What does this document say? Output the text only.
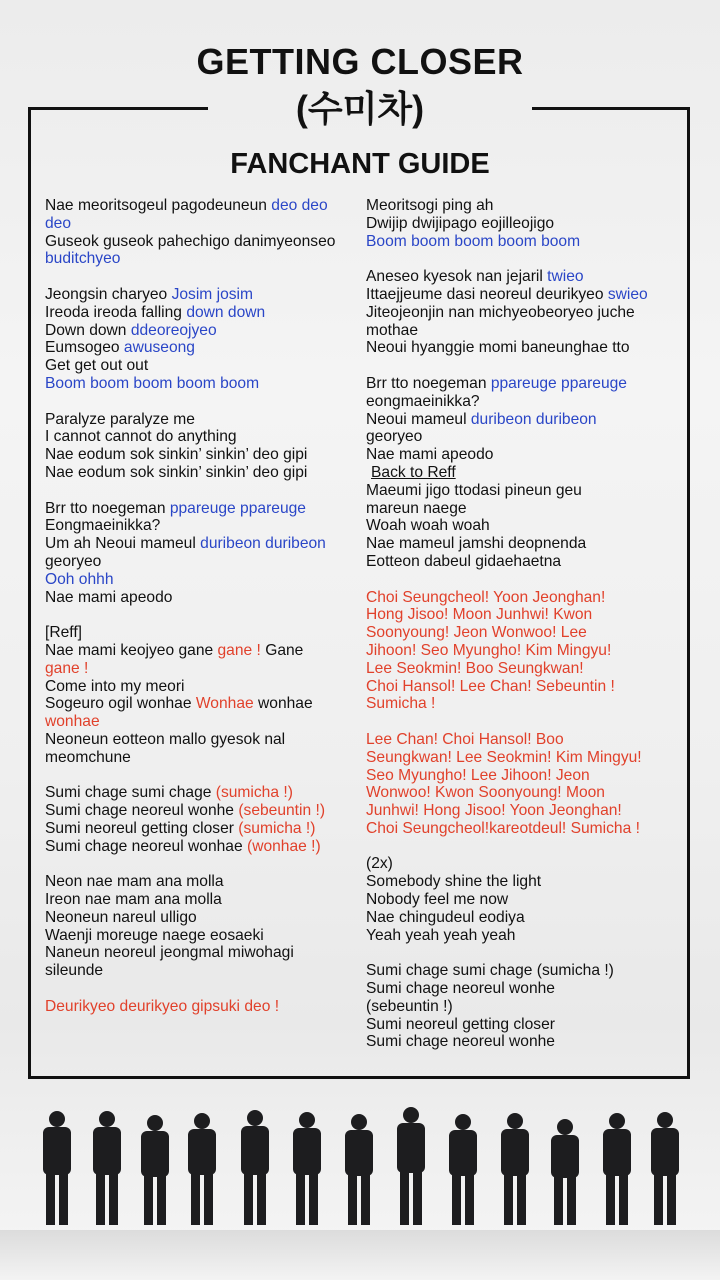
GETTING CLOSER
(수미차)
FANCHANT GUIDE
Nae meoritsogeul pagodeuneun deo deo
deo
Guseok guseok pahechigo danimyeonseo
buditchyeo
Jeongsin charyeo Josim josim
Ireoda ireoda falling down down
Down down ddeoreojyeo
Eumsogeo awuseong
Get get out out
Boom boom boom boom boom
Paralyze paralyze me
I cannot cannot do anything
Nae eodum sok sinkin’ sinkin’ deo gipi
Nae eodum sok sinkin’ sinkin’ deo gipi
Brr tto noegeman ppareuge ppareuge
Eongmaeinikka?
Um ah Neoui mameul duribeon duribeon
georyeo
Ooh ohhh
Nae mami apeodo
[Reff]
Nae mami keojyeo gane gane ! Gane
gane !
Come into my meori
Sogeuro ogil wonhae Wonhae wonhae
wonhae
Neoneun eotteon mallo gyesok nal
meomchune
Sumi chage sumi chage (sumicha !)
Sumi chage neoreul wonhe (sebeuntin !)
Sumi neoreul getting closer (sumicha !)
Sumi chage neoreul wonhae (wonhae !)
Neon nae mam ana molla
Ireon nae mam ana molla
Neoneun nareul ulligo
Waenji moreuge naege eosaeki
Naneun neoreul jeongmal miwohagi
sileunde
Deurikyeo deurikyeo gipsuki deo !
Meoritsogi ping ah
Dwijip dwijipago eojilleojigo
Boom boom boom boom boom
Aneseo kyesok nan jejaril twieo
Ittaejjeume dasi neoreul deurikyeo swieo
Jiteojeonjin nan michyeobeoryeo juche
mothae
Neoui hyanggie momi baneunghae tto
Brr tto noegeman ppareuge ppareuge
eongmaeinikka?
Neoui mameul duribeon duribeon
georyeo
Nae mami apeodo
Back to Reff
Maeumi jigo ttodasi pineun geu
mareun naege
Woah woah woah
Nae mameul jamshi deopnenda
Eotteon dabeul gidaehaetna
Choi Seungcheol! Yoon Jeonghan!
Hong Jisoo! Moon Junhwi! Kwon
Soonyoung! Jeon Wonwoo! Lee
Jihoon! Seo Myungho! Kim Mingyu!
Lee Seokmin! Boo Seungkwan!
Choi Hansol! Lee Chan! Sebeuntin !
Sumicha !
Lee Chan! Choi Hansol! Boo
Seungkwan! Lee Seokmin! Kim Mingyu!
Seo Myungho! Lee Jihoon! Jeon
Wonwoo! Kwon Soonyoung! Moon
Junhwi! Hong Jisoo! Yoon Jeonghan!
Choi Seungcheol!kareotdeul! Sumicha !
(2x)
Somebody shine the light
Nobody feel me now
Nae chingudeul eodiya
Yeah yeah yeah yeah
Sumi chage sumi chage (sumicha !)
Sumi chage neoreul wonhe
(sebeuntin !)
Sumi neoreul getting closer
Sumi chage neoreul wonhe
